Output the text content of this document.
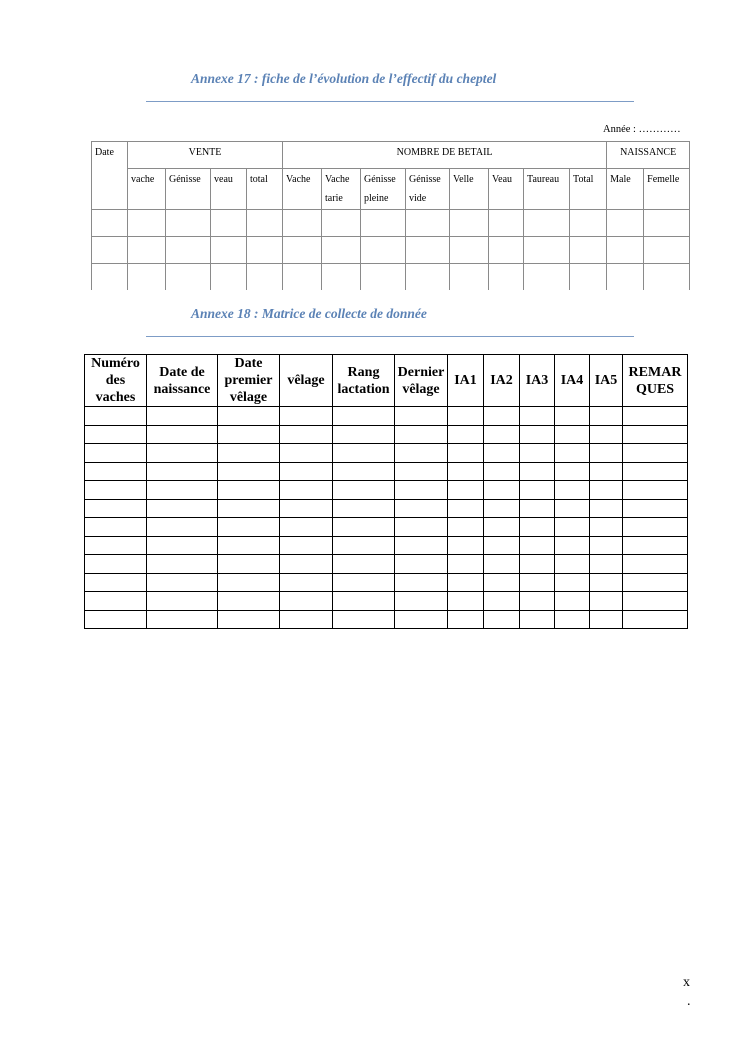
Annexe 17 : fiche de l’évolution de l’effectif du cheptel
Année : …………
Date	VENTE				NOMBRE DE BETAIL								NAISSANCE	
	vache	Génisse	veau	total	Vache	Vache tarie	Génisse pleine	Génisse vide	Velle	Veau	Taureau	Total	Male	Femelle

Annexe 18 : Matrice de collecte de donnée
Numéro des vaches	Date de naissance	Date premier vêlage	vêlage	Rang lactation	Dernier vêlage	IA1	IA2	IA3	IA4	IA5	REMARQUES

x
.
